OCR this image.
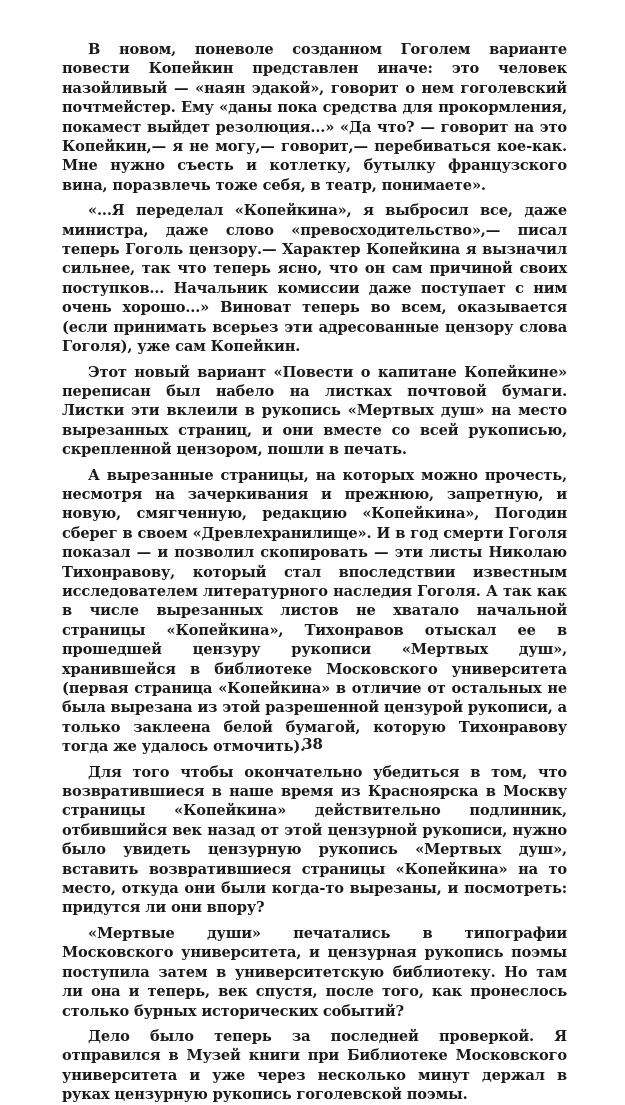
В новом, поневоле созданном Гоголем варианте повести Копейкин представлен иначе: это человек назойливый — «наян эдакой», говорит о нем гоголевский почтмейстер. Ему «даны пока средства для прокормления, покамест выйдет резолюция...» «Да что? — говорит на это Копейкин,— я не могу,— говорит,— перебиваться кое-как. Мне нужно съесть и котлетку, бутылку французского вина, поразвлечь тоже себя, в театр, понимаете».

«...Я переделал «Копейкина», я выбросил все, даже министра, даже слово «превосходительство»,— писал теперь Гоголь цензору.— Характер Копейкина я вызначил сильнее, так что теперь ясно, что он сам причиной своих поступков... Начальник комиссии даже поступает с ним очень хорошо...» Виноват теперь во всем, оказывается (если принимать всерьез эти адресованные цензору слова Гоголя), уже сам Копейкин.

Этот новый вариант «Повести о капитане Копейкине» переписан был набело на листках почтовой бумаги. Листки эти вклеили в рукопись «Мертвых душ» на место вырезанных страниц, и они вместе со всей рукописью, скрепленной цензором, пошли в печать.

А вырезанные страницы, на которых можно прочесть, несмотря на зачеркивания и прежнюю, запретную, и новую, смягченную, редакцию «Копейкина», Погодин сберег в своем «Древлехранилище». И в год смерти Гоголя показал — и позволил скопировать — эти листы Николаю Тихонравову, который стал впоследствии известным исследователем литературного наследия Гоголя. А так как в числе вырезанных листов не хватало начальной страницы «Копейкина», Тихонравов отыскал ее в прошедшей цензуру рукописи «Мертвых душ», хранившейся в библиотеке Московского университета (первая страница «Копейкина» в отличие от остальных не была вырезана из этой разрешенной цензурой рукописи, а только заклеена белой бумагой, которую Тихонравову тогда же удалось отмочить).

Для того чтобы окончательно убедиться в том, что возвратившиеся в наше время из Красноярска в Москву страницы «Копейкина» действительно подлинник, отбившийся век назад от этой цензурной рукописи, нужно было увидеть цензурную рукопись «Мертвых душ», вставить возвратившиеся страницы «Копейкина» на то место, откуда они были когда-то вырезаны, и посмотреть: придутся ли они впору?

«Мертвые души» печатались в типографии Московского университета, и цензурная рукопись поэмы поступила затем в университетскую библиотеку. Но там ли она и теперь, век спустя, после того, как пронеслось столько бурных исторических событий?

Дело было теперь за последней проверкой. Я отправился в Музей книги при Библиотеке Московского университета и уже через несколько минут держал в руках цензурную рукопись гоголевской поэмы.

38
